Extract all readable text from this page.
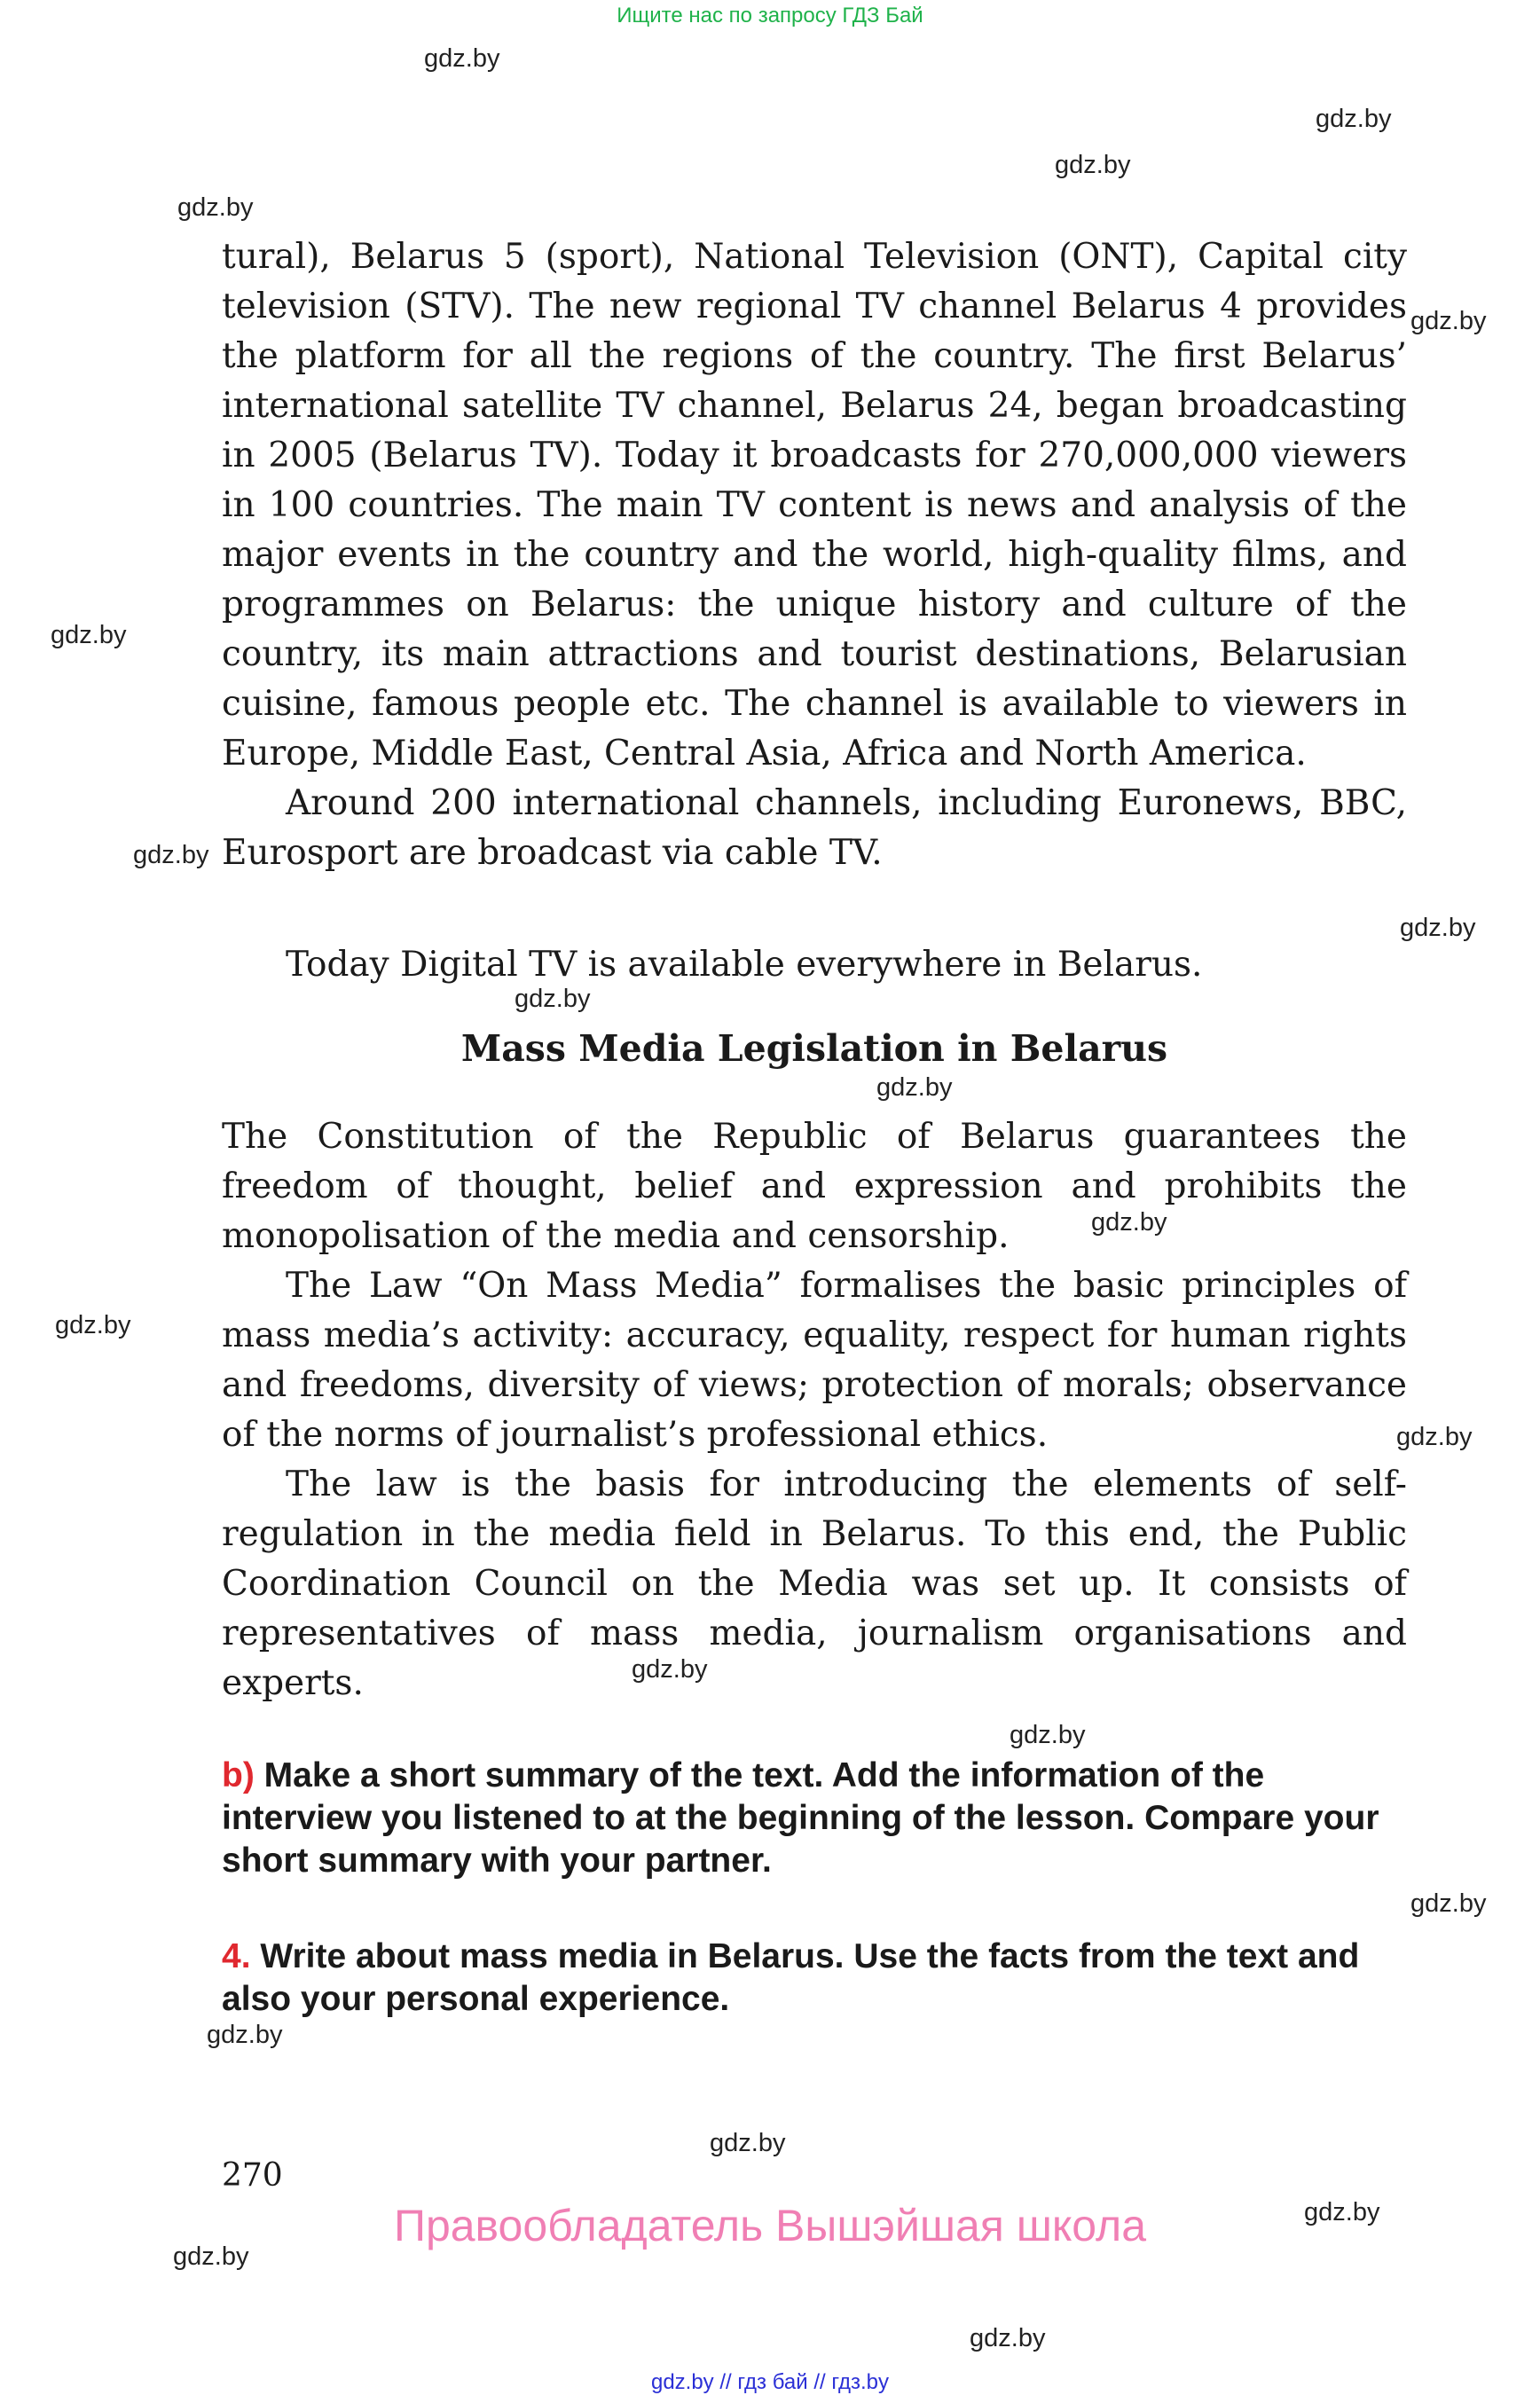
Ищите нас по запросу ГДЗ Бай
gdz.by
gdz.by
gdz.by
gdz.by
gdz.by
gdz.by
gdz.by
gdz.by
gdz.by
gdz.by
gdz.by
gdz.by
gdz.by
gdz.by
gdz.by
gdz.by
gdz.by
gdz.by
gdz.by
gdz.by
gdz.by

tural), Belarus 5 (sport), National Television (ONT), Capital city television (STV). The new regional TV channel Belarus 4 provides the platform for all the regions of the country. The first Belarus’ international satellite TV channel, Belarus 24, began broadcasting in 2005 (Belarus TV). Today it broadcasts for 270,000,000 viewers in 100 countries. The main TV content is news and analysis of the major events in the country and the world, high-quality films, and programmes on Belarus: the unique history and culture of the country, its main attractions and tourist destinations, Belarusian cuisine, famous people etc. The channel is available to viewers in Europe, Middle East, Central Asia, Africa and North America.

Around 200 international channels, including Euronews, BBC, Eurosport are broadcast via cable TV.

Today Digital TV is available everywhere in Belarus.

Mass Media Legislation in Belarus

The Constitution of the Republic of Belarus guarantees the freedom of thought, belief and expression and prohibits the monopolisation of the media and censorship.

The Law “On Mass Media” formalises the basic principles of mass media’s activity: accuracy, equality, respect for human rights and freedoms, diversity of views; protection of morals; observance of the norms of journalist’s professional ethics.

The law is the basis for introducing the elements of self-regulation in the media field in Belarus. To this end, the Public Coordination Council on the Media was set up. It consists of representatives of mass media, journalism organisations and experts.

b) Make a short summary of the text. Add the information of the interview you listened to at the beginning of the lesson. Compare your short summary with your partner.
4. Write about mass media in Belarus. Use the facts from the text and also your personal experience.
270
Правообладатель Вышэйшая школа
gdz.by // гдз бай // гдз.by
